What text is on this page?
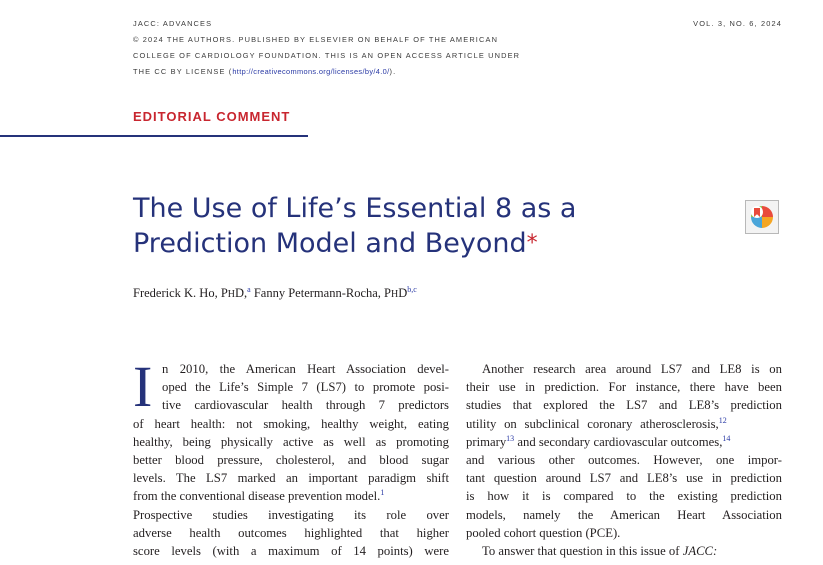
JACC: ADVANCES	VOL. 3, NO. 6, 2024
© 2024 THE AUTHORS. PUBLISHED BY ELSEVIER ON BEHALF OF THE AMERICAN
COLLEGE OF CARDIOLOGY FOUNDATION. THIS IS AN OPEN ACCESS ARTICLE UNDER
THE CC BY LICENSE (http://creativecommons.org/licenses/by/4.0/).
EDITORIAL COMMENT
The Use of Life’s Essential 8 as a
Prediction Model and Beyond*
Frederick K. Ho, PHD,$^a$ Fanny Petermann-Rocha, PHD$^{b,c}$
I n 2010, the American Heart Association devel-
oped the Life’s Simple 7 (LS7) to promote posi-
tive cardiovascular health through 7 predictors
of heart health: not smoking, healthy weight, eating
healthy, being physically active as well as promoting
better blood pressure, cholesterol, and blood sugar
levels. The LS7 marked an important paradigm shift
from the conventional disease prevention model.$^1$
Prospective studies investigating its role over
adverse health outcomes highlighted that higher
score levels (with a maximum of 14 points) were
Another research area around LS7 and LE8 is on
their use in prediction. For instance, there have been
studies that explored the LS7 and LE8’s prediction
utility on subclinical coronary atherosclerosis,$^{12}$
primary$^{13}$ and secondary cardiovascular outcomes,$^{14}$
and various other outcomes. However, one impor-
tant question around LS7 and LE8’s use in prediction
is how it is compared to the existing prediction
models, namely the American Heart Association
pooled cohort question (PCE).
To answer that question in this issue of JACC:
